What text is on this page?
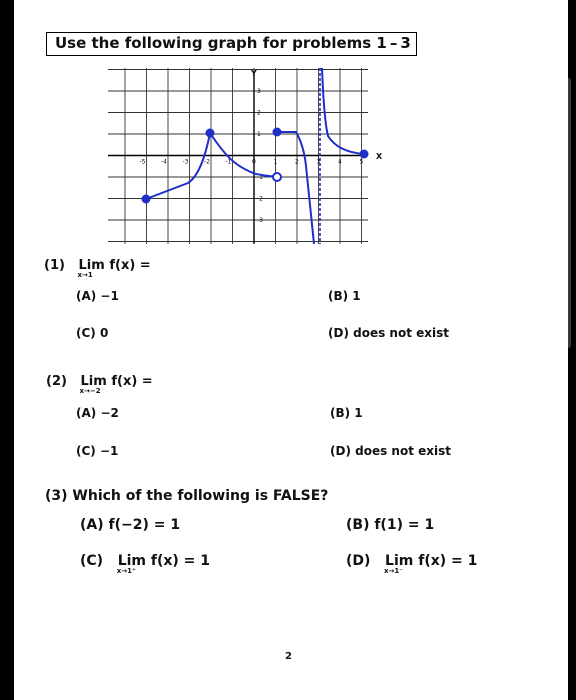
Use the following graph for problems 1 – 3
Y
X
-5	-4	-3	-2	-1	0	1	2	3	4	5
3
2
1
-1
-2
-3
(1) Lim
x→1
f(x) =
(A) −1	(B) 1
(C) 0	(D) does not exist
(2) Lim
x→−2
f(x) =
(A) −2	(B) 1
(C) −1	(D) does not exist
(3) Which of the following is FALSE?
(A) f(−2) = 1	(B) f(1) = 1
(C) Lim
x→1⁺
f(x) = 1	(D) Lim
x→1⁻
f(x) = 1
2
